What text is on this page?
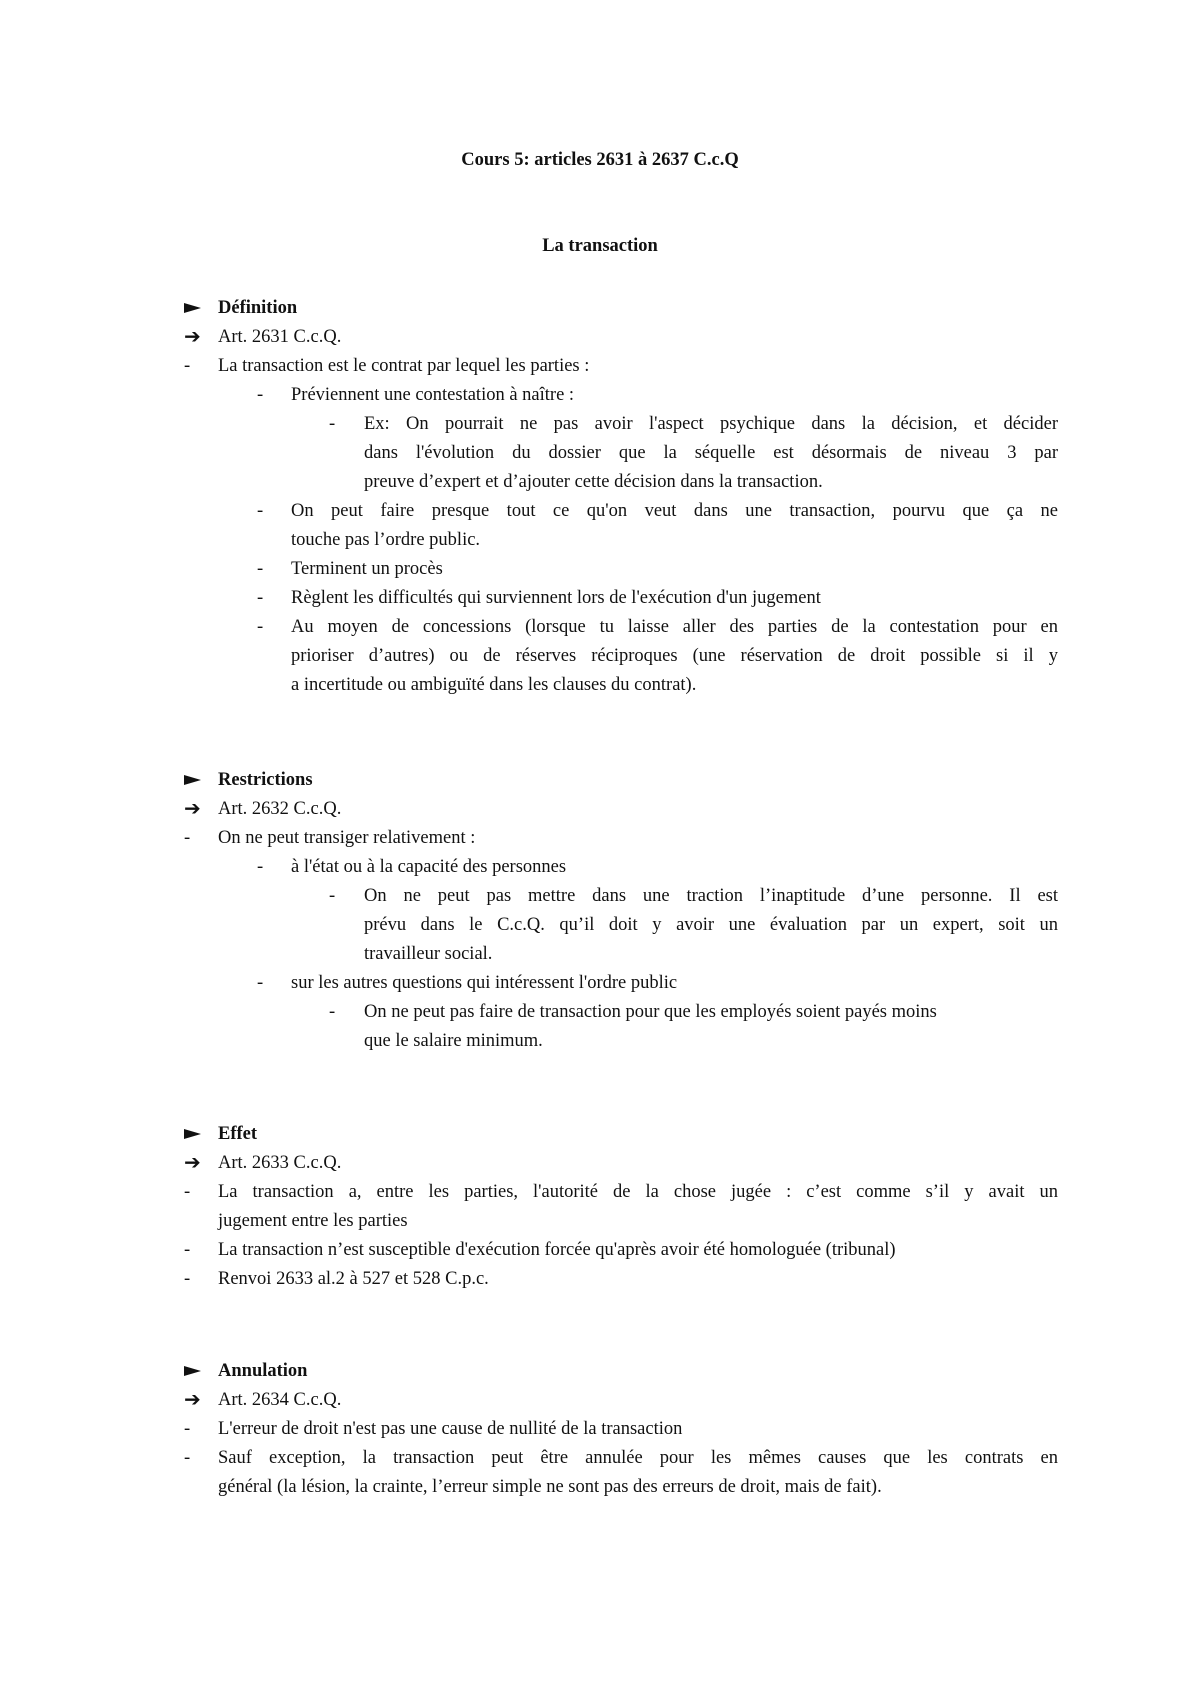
Cours 5: articles 2631 à 2637 C.c.Q
La transaction
Définition
➔ Art. 2631 C.c.Q.
- La transaction est le contrat par lequel les parties :
- Préviennent une contestation à naître :
- Ex: On pourrait ne pas avoir l'aspect psychique dans la décision, et décider
dans l'évolution du dossier que la séquelle est désormais de niveau 3 par
preuve d’expert et d’ajouter cette décision dans la transaction.
- On peut faire presque tout ce qu'on veut dans une transaction, pourvu que ça ne
touche pas l’ordre public.
- Terminent un procès
- Règlent les difficultés qui surviennent lors de l'exécution d'un jugement
- Au moyen de concessions (lorsque tu laisse aller des parties de la contestation pour en
prioriser d’autres) ou de réserves réciproques (une réservation de droit possible si il y
a incertitude ou ambiguïté dans les clauses du contrat).
Restrictions
➔ Art. 2632 C.c.Q.
- On ne peut transiger relativement :
- à l'état ou à la capacité des personnes
- On ne peut pas mettre dans une traction l’inaptitude d’une personne. Il est
prévu dans le C.c.Q. qu’il doit y avoir une évaluation par un expert, soit un
travailleur social.
- sur les autres questions qui intéressent l'ordre public
- On ne peut pas faire de transaction pour que les employés soient payés moins
que le salaire minimum.
Effet
➔ Art. 2633 C.c.Q.
- La transaction a, entre les parties, l'autorité de la chose jugée : c’est comme s’il y avait un
jugement entre les parties
- La transaction n’est susceptible d'exécution forcée qu'après avoir été homologuée (tribunal)
- Renvoi 2633 al.2 à 527 et 528 C.p.c.
Annulation
➔ Art. 2634 C.c.Q.
- L'erreur de droit n'est pas une cause de nullité de la transaction
- Sauf exception, la transaction peut être annulée pour les mêmes causes que les contrats en
général (la lésion, la crainte, l’erreur simple ne sont pas des erreurs de droit, mais de fait).
